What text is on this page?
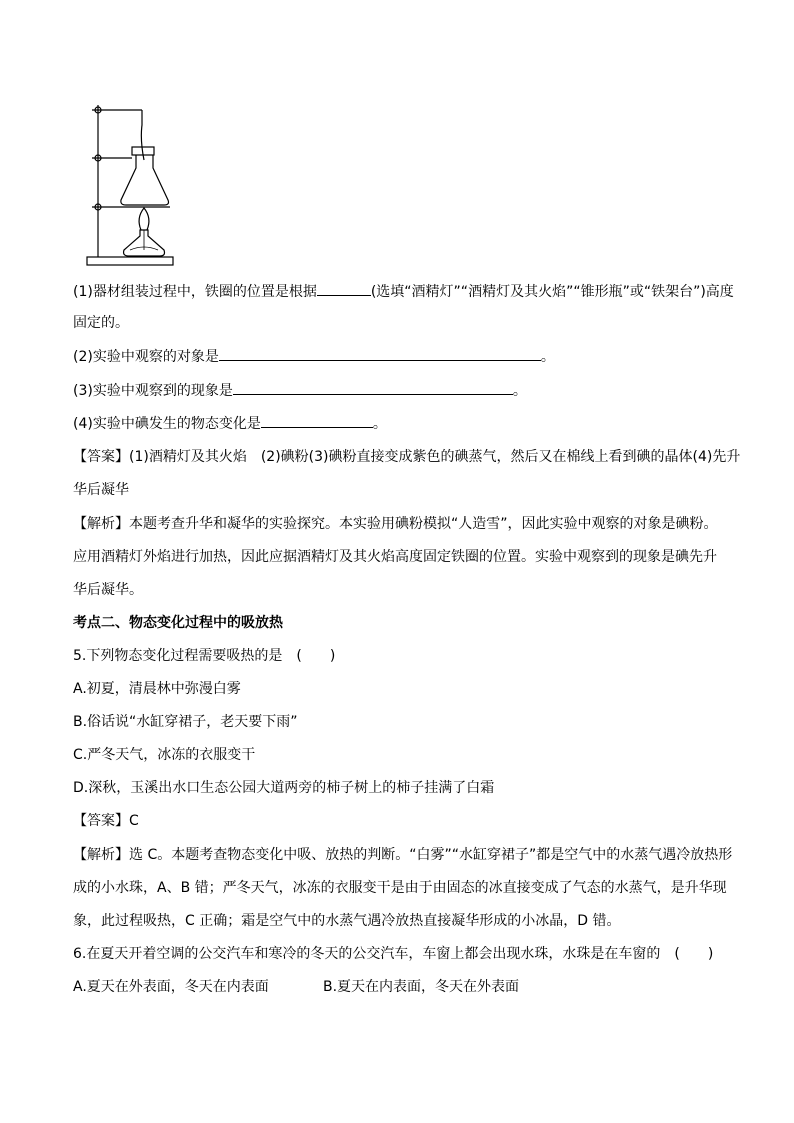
(1)器材组装过程中，铁圈的位置是根据	(选填“酒精灯”“酒精灯及其火焰”“锥形瓶”或“铁架台”)高度
固定的。
(2)实验中观察的对象是	。
(3)实验中观察到的现象是	。
(4)实验中碘发生的物态变化是	。
【答案】(1)酒精灯及其火焰　(2)碘粉(3)碘粉直接变成紫色的碘蒸气，然后又在棉线上看到碘的晶体(4)先升
华后凝华
【解析】本题考查升华和凝华的实验探究。本实验用碘粉模拟“人造雪”，因此实验中观察的对象是碘粉。
应用酒精灯外焰进行加热，因此应据酒精灯及其火焰高度固定铁圈的位置。实验中观察到的现象是碘先升
华后凝华。
考点二、物态变化过程中的吸放热
5.下列物态变化过程需要吸热的是　(　　)
A.初夏，清晨林中弥漫白雾
B.俗话说“水缸穿裙子，老天要下雨”
C.严冬天气，冰冻的衣服变干
D.深秋，玉溪出水口生态公园大道两旁的柿子树上的柿子挂满了白霜
【答案】C
【解析】选 C。本题考查物态变化中吸、放热的判断。“白雾”“水缸穿裙子”都是空气中的水蒸气遇冷放热形
成的小水珠，A、B 错；严冬天气，冰冻的衣服变干是由于由固态的冰直接变成了气态的水蒸气，是升华现
象，此过程吸热，C 正确；霜是空气中的水蒸气遇冷放热直接凝华形成的小冰晶，D 错。
6.在夏天开着空调的公交汽车和寒冷的冬天的公交汽车，车窗上都会出现水珠，水珠是在车窗的　(　　)
A.夏天在外表面，冬天在内表面	B.夏天在内表面，冬天在外表面
